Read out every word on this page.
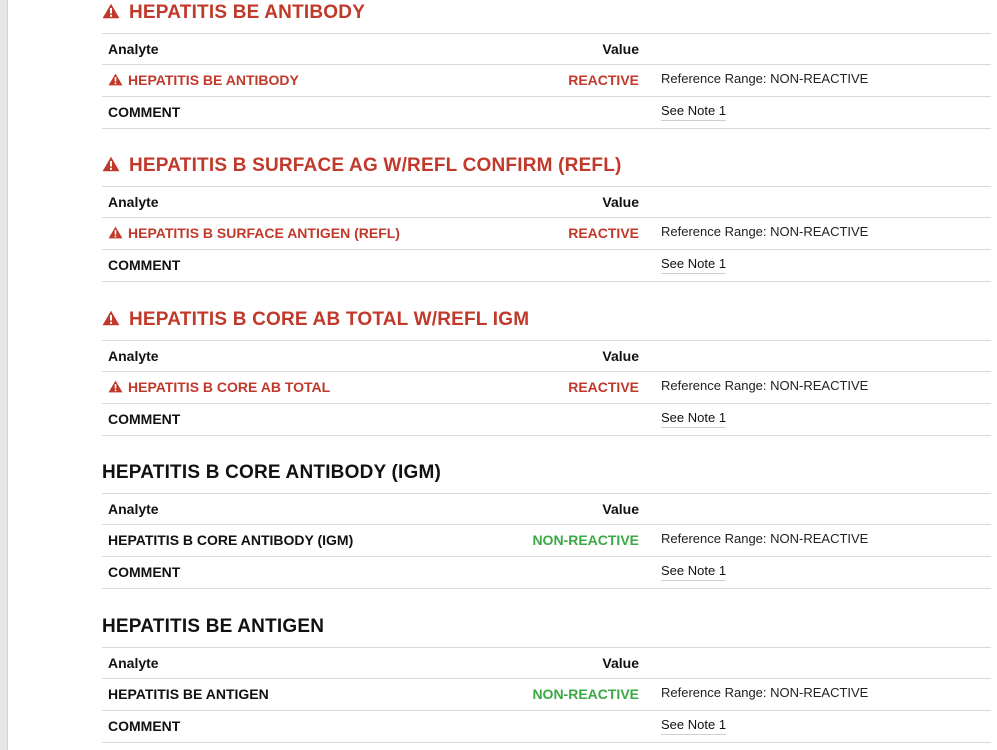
HEPATITIS BE ANTIBODY
Analyte	Value
HEPATITIS BE ANTIBODY	REACTIVE Reference Range: NON-REACTIVE
COMMENT	See Note 1
HEPATITIS B SURFACE AG W/REFL CONFIRM (REFL)
Analyte	Value
HEPATITIS B SURFACE ANTIGEN (REFL)	REACTIVE Reference Range: NON-REACTIVE
COMMENT	See Note 1
HEPATITIS B CORE AB TOTAL W/REFL IGM
Analyte	Value
HEPATITIS B CORE AB TOTAL	REACTIVE Reference Range: NON-REACTIVE
COMMENT	See Note 1
HEPATITIS B CORE ANTIBODY (IGM)
Analyte	Value
HEPATITIS B CORE ANTIBODY (IGM)	NON-REACTIVE Reference Range: NON-REACTIVE
COMMENT	See Note 1
HEPATITIS BE ANTIGEN
Analyte	Value
HEPATITIS BE ANTIGEN	NON-REACTIVE Reference Range: NON-REACTIVE
COMMENT	See Note 1
